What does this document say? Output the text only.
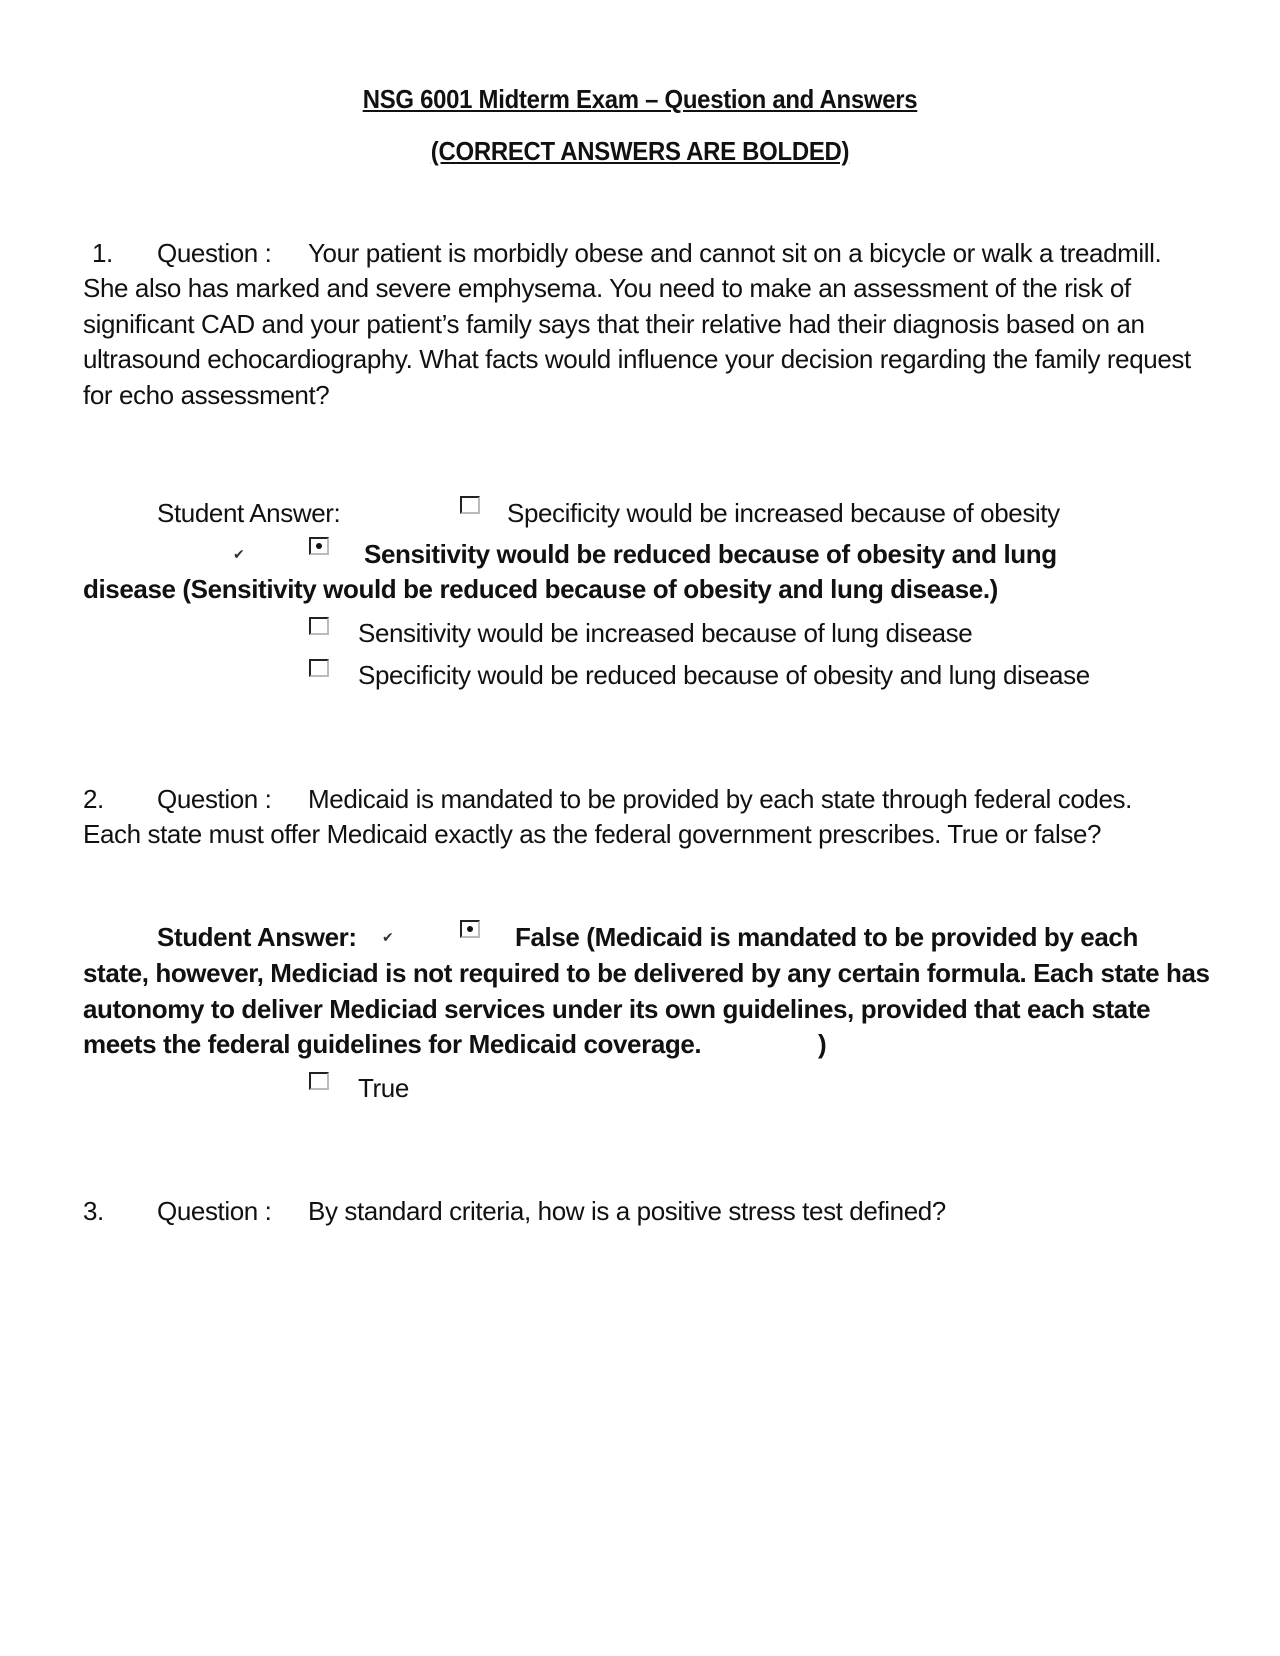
NSG 6001 Midterm Exam – Question and Answers
(CORRECT ANSWERS ARE BOLDED)
1. Question : Your patient is morbidly obese and cannot sit on a bicycle or walk a treadmill.
She also has marked and severe emphysema. You need to make an assessment of the risk of significant CAD and your patient’s family says that their relative had their diagnosis based on an ultrasound echocardiography. What facts would influence your decision regarding the family request for echo assessment?
Student Answer:	Specificity would be increased because of obesity
✔	Sensitivity would be reduced because of obesity and lung
disease (Sensitivity would be reduced because of obesity and lung disease.)
Sensitivity would be increased because of lung disease
Specificity would be reduced because of obesity and lung disease
2. Question : Medicaid is mandated to be provided by each state through federal codes.
Each state must offer Medicaid exactly as the federal government prescribes. True or false?
Student Answer: ✔	False (Medicaid is mandated to be provided by each
state, however, Mediciad is not required to be delivered by any certain formula. Each state has autonomy to deliver Mediciad services under its own guidelines, provided that each state meets the federal guidelines for Medicaid coverage.	)
True
3. Question : By standard criteria, how is a positive stress test defined?
